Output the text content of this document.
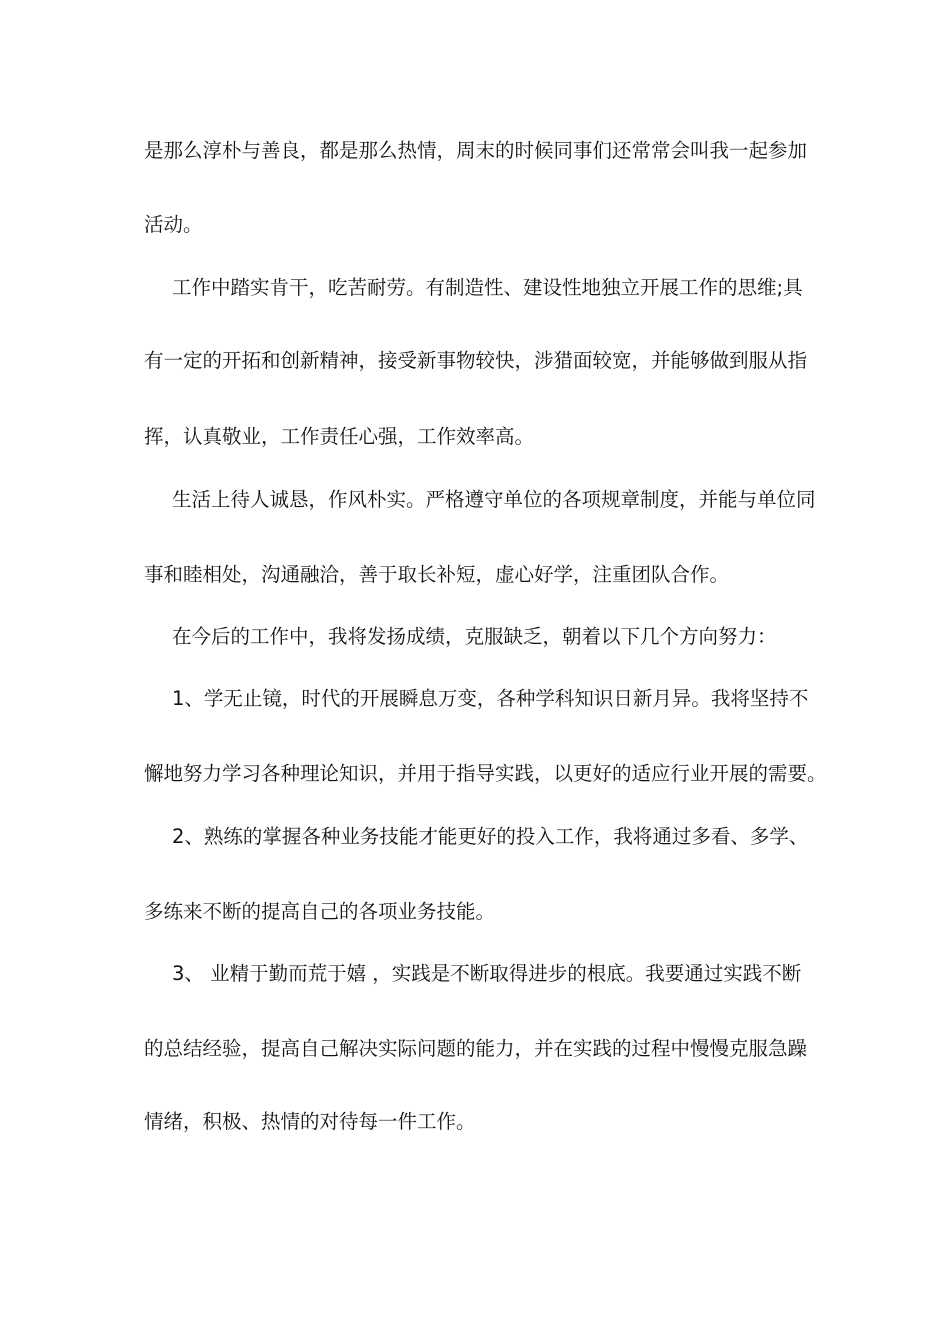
是那么淳朴与善良，都是那么热情，周末的时候同事们还常常会叫我一起参加
活动。
工作中踏实肯干，吃苦耐劳。有制造性、建设性地独立开展工作的思维;具
有一定的开拓和创新精神，接受新事物较快，涉猎面较宽，并能够做到服从指
挥，认真敬业，工作责任心强，工作效率高。
生活上待人诚恳，作风朴实。严格遵守单位的各项规章制度，并能与单位同
事和睦相处，沟通融洽，善于取长补短，虚心好学，注重团队合作。
在今后的工作中，我将发扬成绩，克服缺乏，朝着以下几个方向努力：
1、学无止镜，时代的开展瞬息万变，各种学科知识日新月异。我将坚持不
懈地努力学习各种理论知识，并用于指导实践，以更好的适应行业开展的需要。
2、熟练的掌握各种业务技能才能更好的投入工作，我将通过多看、多学、
多练来不断的提高自己的各项业务技能。
3、 业精于勤而荒于嬉 ，实践是不断取得进步的根底。我要通过实践不断
的总结经验，提高自己解决实际问题的能力，并在实践的过程中慢慢克服急躁
情绪，积极、热情的对待每一件工作。
